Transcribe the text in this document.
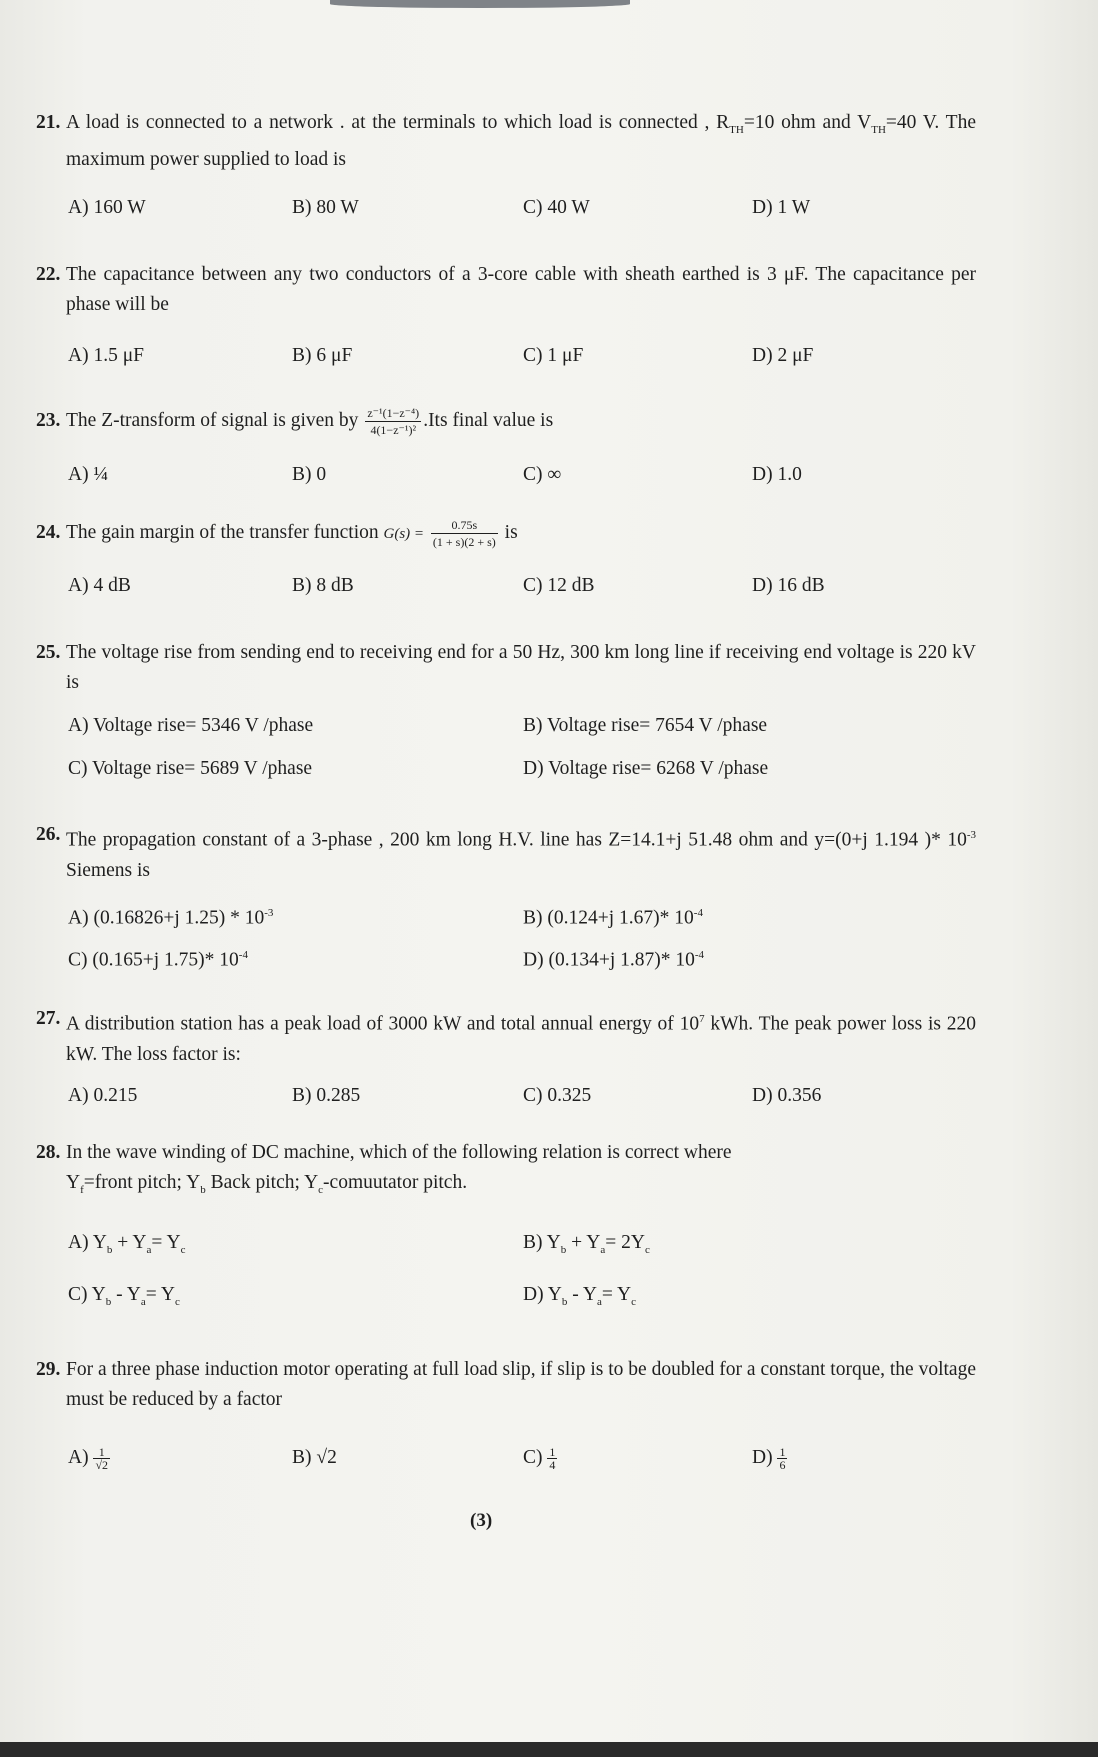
21. A load is connected to a network . at the terminals to which load is connected , $R_{TH}=10$ ohm and $V_{TH}=40$ V. The maximum power supplied to load is
A) 160 W	B) 80 W	C) 40 W	D) 1 W
22. The capacitance between any two conductors of a 3-core cable with sheath earthed is 3 μF. The capacitance per phase will be
A) 1.5 μF	B) 6 μF	C) 1 μF	D) 2 μF
23. The Z-transform of signal is given by $\frac{\text{z⁻¹(1−z⁻⁴)}}{\text{4(1−z⁻¹)²}} .Its$ final value is
A) ¼	B) 0	C) ∞	D) 1.0
24. The gain margin of the transfer function $G(s) = \frac{0.75s}{(1 + s)(2 + s)}$ is
A) 4 dB	B) 8 dB	C) 12 dB	D) 16 dB
25. The voltage rise from sending end to receiving end for a 50 Hz, 300 km long line if receiving end voltage is 220 kV is
A) Voltage rise= 5346 V /phase	B) Voltage rise= 7654 V /phase
C) Voltage rise= 5689 V /phase	D) Voltage rise= 6268 V /phase
26. The propagation constant of a 3-phase , 200 km long H.V. line has Z=14.1+j 51.48 ohm and y=(0+j 1.194 )* $10^{-3}$ Siemens is
A) (0.16826+j $1.25) * 10^{-3}$	B) (0.124+j 1.67)* $10^{-4}$
C) (0.165+j 1.75)* $10^{-4}$	D) (0.134+j 1.87)* $10^{-4}$
27. A distribution station has a peak load of 3000 kW and total annual energy of $10^7$ kWh. The peak power loss is 220 kW. The loss factor is:
A) 0.215	B) 0.285	C) 0.325	D) 0.356
28. In the wave winding of DC machine, which of the following relation is correct where
$Y_f=front$ pitch; $Y_b$ Back pitch; $Y_c$-comuutator pitch.
A) $Y_b + Y_a= Y_c$	B) $Y_b + Y_a= 2Y_c$
C) $Y_b - Y_a= Y_c$	D) $Y_b - Y_a= Y_c$
29. For a three phase induction motor operating at full load slip, if slip is to be doubled for a constant torque, the voltage must be reduced by a factor
$A) \frac{1}{√2}$	B) √2	$C) \frac{1}{4}$	$D) \frac{1}{6}$
(3)
